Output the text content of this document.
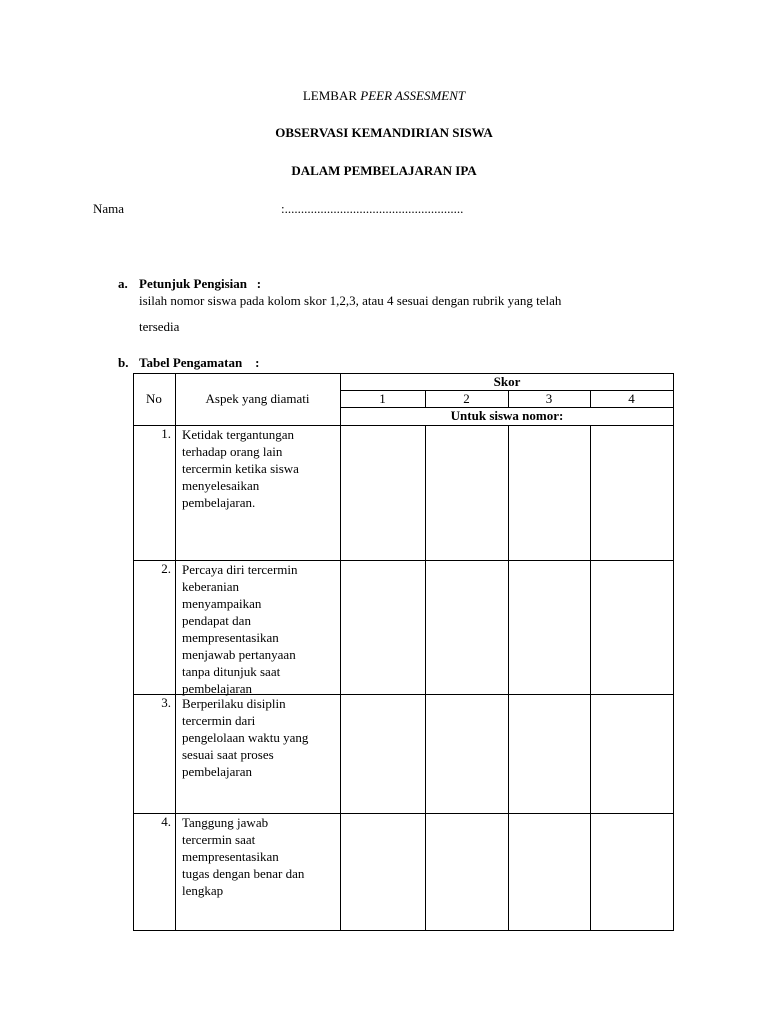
LEMBAR PEER ASSESMENT
OBSERVASI KEMANDIRIAN SISWA
DALAM PEMBELAJARAN IPA
Nama	:.......................................................
a. Petunjuk Pengisian   :
isilah nomor siswa pada kolom skor 1,2,3, atau 4 sesuai dengan rubrik yang telah
tersedia
b. Tabel Pengamatan    :
No	Aspek yang diamati
Skor
1	2	3	4
Untuk siswa nomor:
1. Ketidak tergantungan
terhadap orang lain
tercermin ketika siswa
menyelesaikan
pembelajaran.
2. Percaya diri tercermin
keberanian
menyampaikan
pendapat dan
mempresentasikan
menjawab pertanyaan
tanpa ditunjuk saat
pembelajaran
3. Berperilaku disiplin
tercermin dari
pengelolaan waktu yang
sesuai saat proses
pembelajaran
4. Tanggung jawab
tercermin saat
mempresentasikan
tugas dengan benar dan
lengkap
